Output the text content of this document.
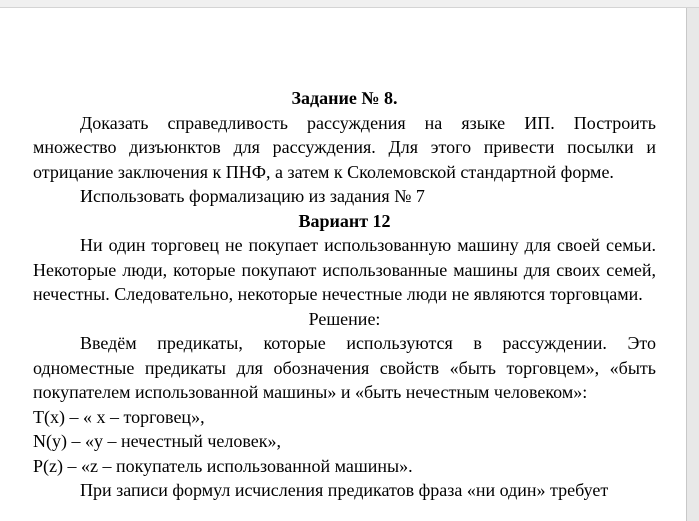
Задание № 8.

Доказать справедливость рассуждения на языке ИП. Построить множество дизъюнктов для рассуждения. Для этого привести посылки и отрицание заключения к ПНФ, а затем к Сколемовской стандартной форме.

Использовать формализацию из задания № 7

Вариант 12

Ни один торговец не покупает использованную машину для своей семьи. Некоторые люди, которые покупают использованные машины для своих семей, нечестны. Следовательно, некоторые нечестные люди не являются торговцами.

Решение:

Введём предикаты, которые используются в рассуждении. Это одноместные предикаты для обозначения свойств «быть торговцем», «быть покупателем использованной машины» и «быть нечестным человеком»:

T(x) – « x – торговец»,

N(y) – «y – нечестный человек»,

P(z) – «z – покупатель использованной машины».

При записи формул исчисления предикатов фраза «ни один» требует
